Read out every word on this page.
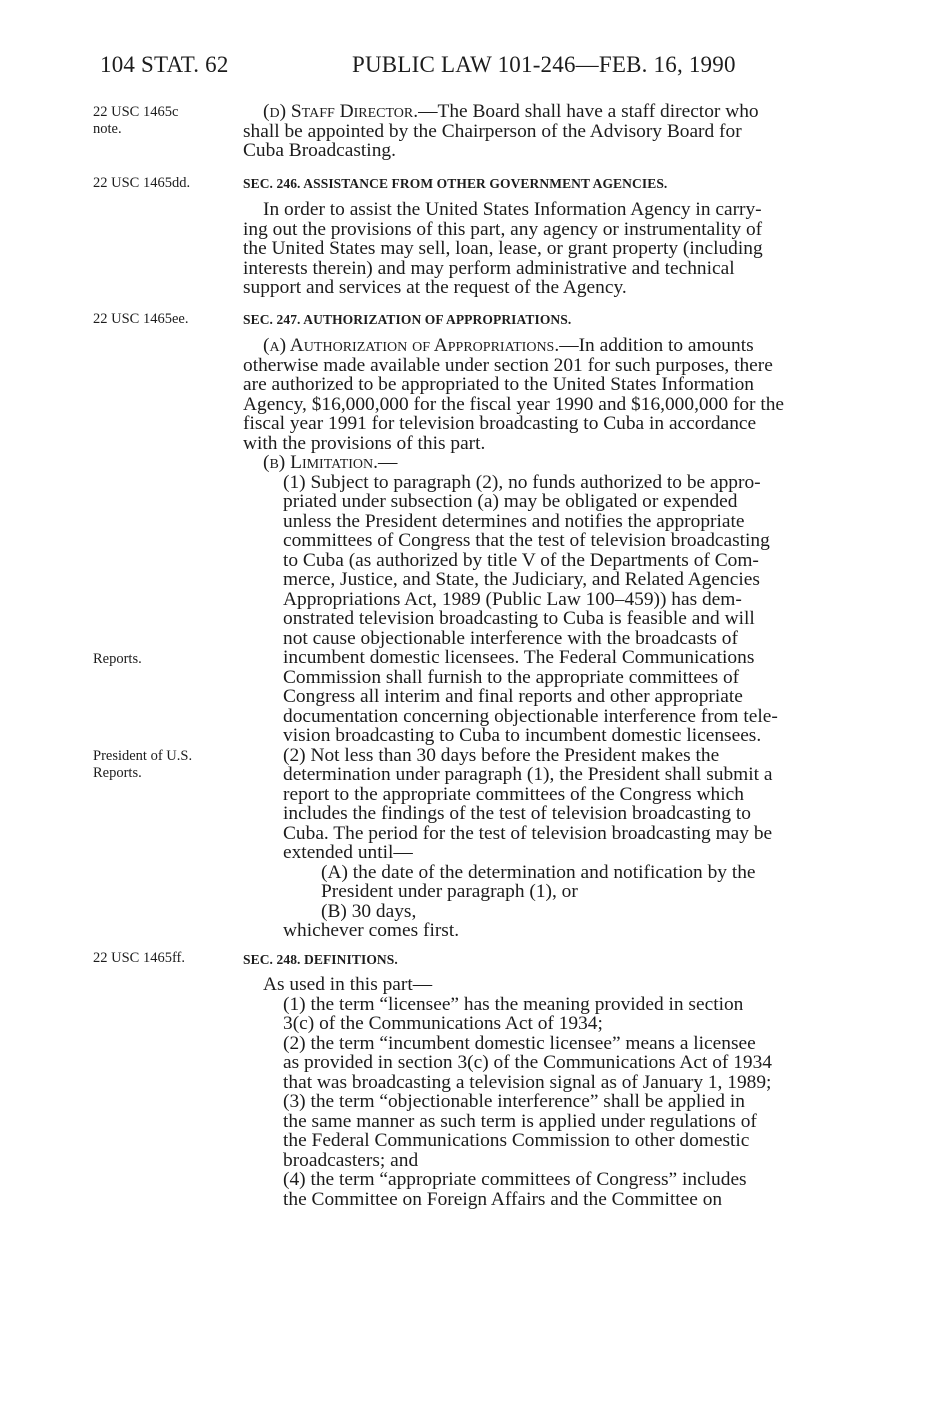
104 STAT. 62	PUBLIC LAW 101-246—FEB. 16, 1990
22 USC 1465c
note.
22 USC 1465dd.
22 USC 1465ee.
Reports.
President of U.S.
Reports.
22 USC 1465ff.
(d) Staff Director.—The Board shall have a staff director who
shall be appointed by the Chairperson of the Advisory Board for
Cuba Broadcasting.
SEC. 246. ASSISTANCE FROM OTHER GOVERNMENT AGENCIES.
In order to assist the United States Information Agency in carry-
ing out the provisions of this part, any agency or instrumentality of
the United States may sell, loan, lease, or grant property (including
interests therein) and may perform administrative and technical
support and services at the request of the Agency.
SEC. 247. AUTHORIZATION OF APPROPRIATIONS.
(a) Authorization of Appropriations.—In addition to amounts
otherwise made available under section 201 for such purposes, there
are authorized to be appropriated to the United States Information
Agency, $16,000,000 for the fiscal year 1990 and $16,000,000 for the
fiscal year 1991 for television broadcasting to Cuba in accordance
with the provisions of this part.
(b) Limitation.—
(1) Subject to paragraph (2), no funds authorized to be appro-
priated under subsection (a) may be obligated or expended
unless the President determines and notifies the appropriate
committees of Congress that the test of television broadcasting
to Cuba (as authorized by title V of the Departments of Com-
merce, Justice, and State, the Judiciary, and Related Agencies
Appropriations Act, 1989 (Public Law 100–459)) has dem-
onstrated television broadcasting to Cuba is feasible and will
not cause objectionable interference with the broadcasts of
incumbent domestic licensees. The Federal Communications
Commission shall furnish to the appropriate committees of
Congress all interim and final reports and other appropriate
documentation concerning objectionable interference from tele-
vision broadcasting to Cuba to incumbent domestic licensees.
(2) Not less than 30 days before the President makes the
determination under paragraph (1), the President shall submit a
report to the appropriate committees of the Congress which
includes the findings of the test of television broadcasting to
Cuba. The period for the test of television broadcasting may be
extended until—
(A) the date of the determination and notification by the
President under paragraph (1), or
(B) 30 days,
whichever comes first.
SEC. 248. DEFINITIONS.
As used in this part—
(1) the term “licensee” has the meaning provided in section
3(c) of the Communications Act of 1934;
(2) the term “incumbent domestic licensee” means a licensee
as provided in section 3(c) of the Communications Act of 1934
that was broadcasting a television signal as of January 1, 1989;
(3) the term “objectionable interference” shall be applied in
the same manner as such term is applied under regulations of
the Federal Communications Commission to other domestic
broadcasters; and
(4) the term “appropriate committees of Congress” includes
the Committee on Foreign Affairs and the Committee on
